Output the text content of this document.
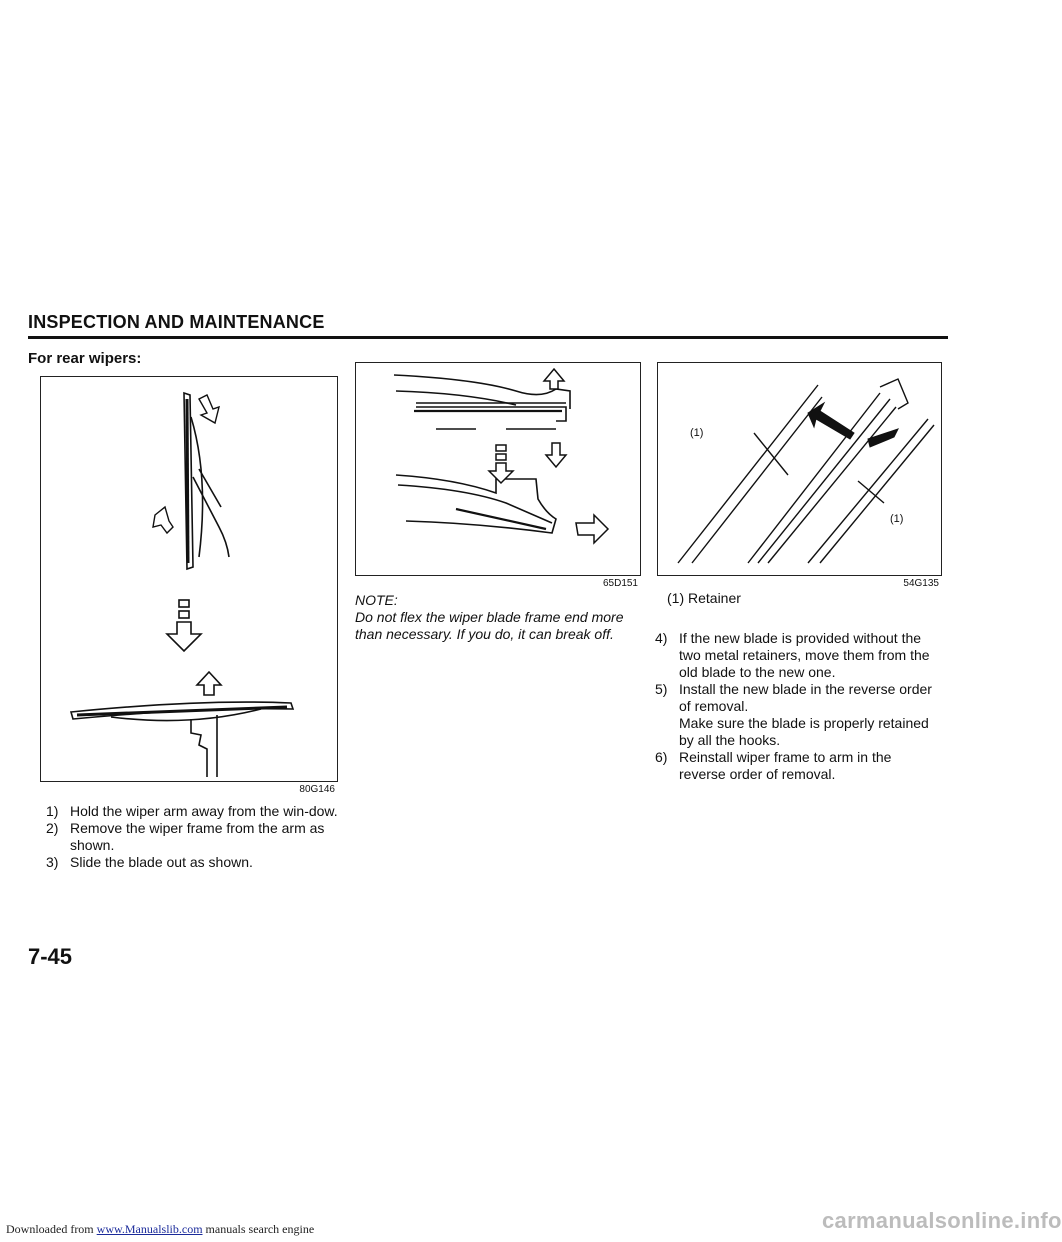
INSPECTION AND MAINTENANCE
For rear wipers:
80G146

1) Hold the wiper arm away from the win-dow.

2) Remove the wiper frame from the arm as shown.

3) Slide the blade out as shown.

65D151
NOTE:
Do not flex the wiper blade frame end more than necessary. If you do, it can break off.
(1)
(1)
54G135
(1) Retainer

4) If the new blade is provided without the two metal retainers, move them from the old blade to the new one.

5) Install the new blade in the reverse order of removal.

Make sure the blade is properly retained by all the hooks.

6) Reinstall wiper frame to arm in the reverse order of removal.

7-45
Downloaded from www.Manualslib.com manuals search engine	carmanualsonline.info
